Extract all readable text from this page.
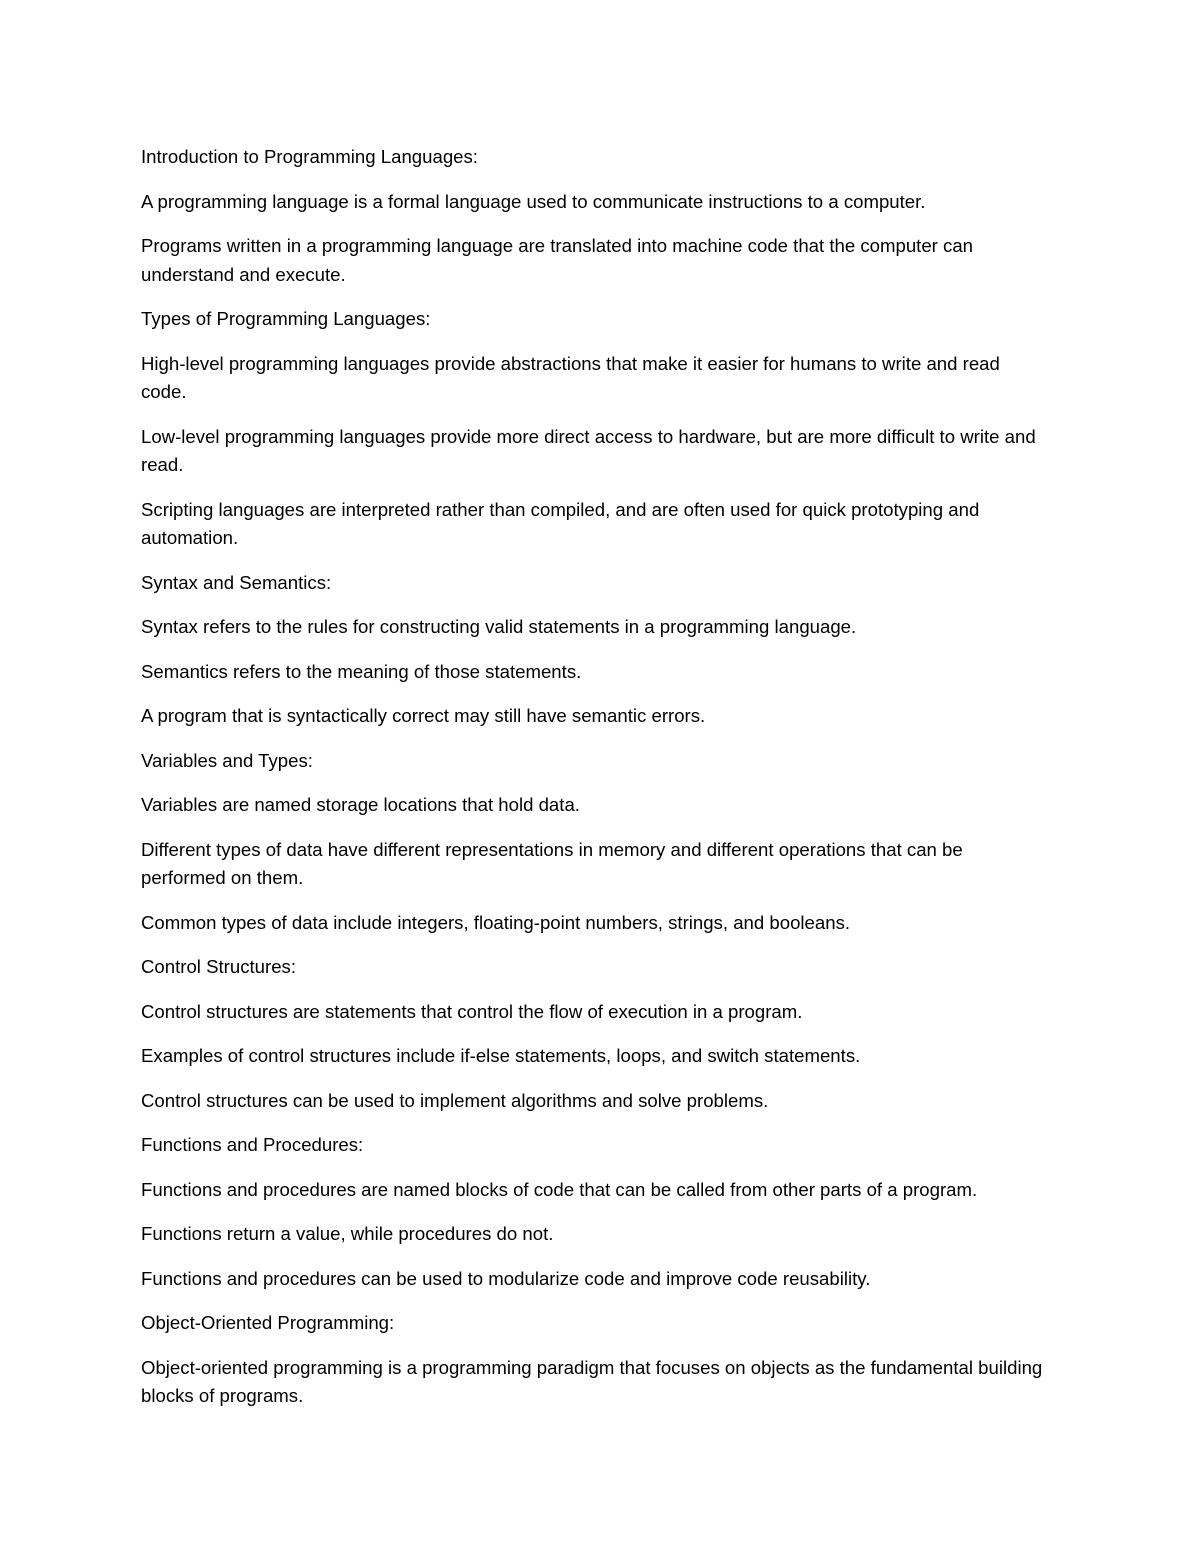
Introduction to Programming Languages:

A programming language is a formal language used to communicate instructions to a computer.

Programs written in a programming language are translated into machine code that the computer can understand and execute.

Types of Programming Languages:

High-level programming languages provide abstractions that make it easier for humans to write and read code.

Low-level programming languages provide more direct access to hardware, but are more difficult to write and read.

Scripting languages are interpreted rather than compiled, and are often used for quick prototyping and automation.

Syntax and Semantics:

Syntax refers to the rules for constructing valid statements in a programming language.

Semantics refers to the meaning of those statements.

A program that is syntactically correct may still have semantic errors.

Variables and Types:

Variables are named storage locations that hold data.

Different types of data have different representations in memory and different operations that can be performed on them.

Common types of data include integers, floating-point numbers, strings, and booleans.

Control Structures:

Control structures are statements that control the flow of execution in a program.

Examples of control structures include if-else statements, loops, and switch statements.

Control structures can be used to implement algorithms and solve problems.

Functions and Procedures:

Functions and procedures are named blocks of code that can be called from other parts of a program.

Functions return a value, while procedures do not.

Functions and procedures can be used to modularize code and improve code reusability.

Object-Oriented Programming:

Object-oriented programming is a programming paradigm that focuses on objects as the fundamental building blocks of programs.
